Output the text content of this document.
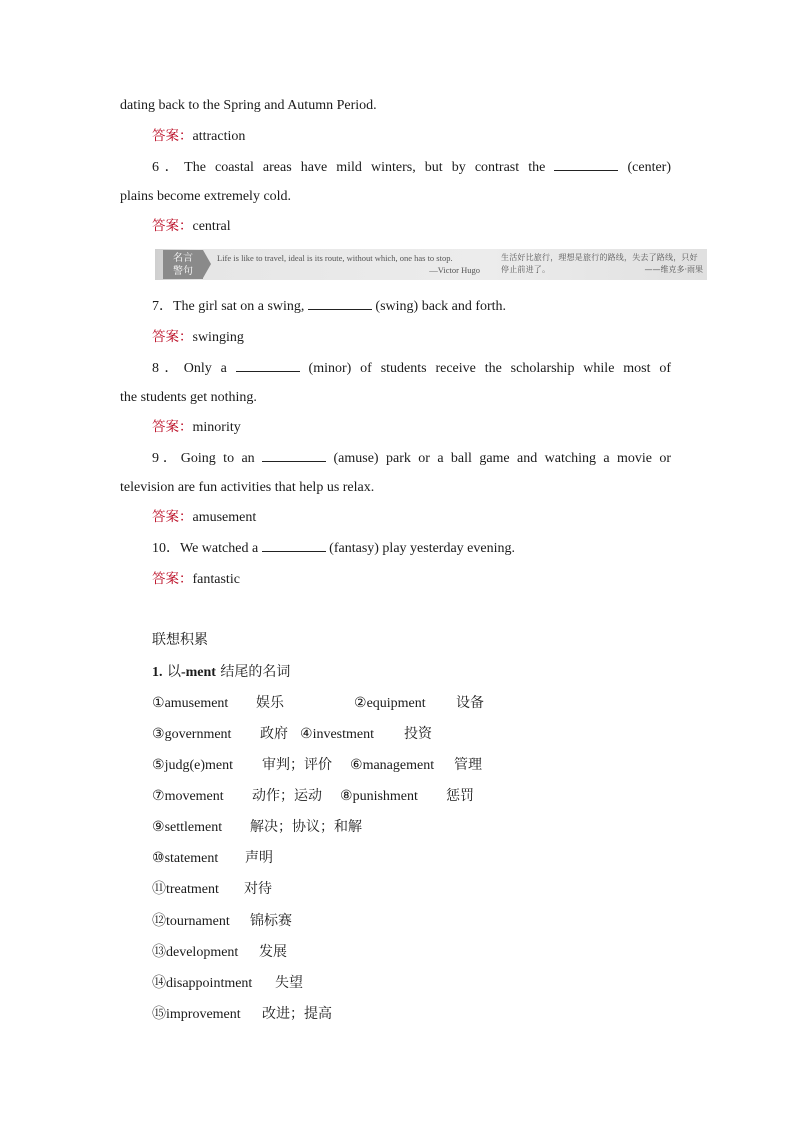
dating back to the Spring and Autumn Period.
答案：attraction
6．The coastal areas have mild winters, but by contrast the	(center)
plains become extremely cold.
答案：central
名言
警句
Life is like to travel, ideal is its route, without which, one has to stop.
—Victor Hugo
生活好比旅行，理想是旅行的路线，失去了路线，只好停止前进了。	——维克多·雨果
7．The girl sat on a swing,	(swing) back and forth.
答案：swinging
8．Only a	(minor) of students receive the scholarship while most of
the students get nothing.
答案：minority
9．Going to an	(amuse) park or a ball game and watching a movie or
television are fun activities that help us relax.
答案：amusement
10．We watched a	(fantasy) play yesterday evening.
答案：fantastic
联想积累
1. 以-ment 结尾的名词
①amusement 娱乐	②equipment 设备
③government 政府 ④investment 投资
⑤judg(e)ment 审判；评价 ⑥management 管理
⑦movement 动作；运动 ⑧punishment 惩罚
⑨settlement 解决；协议；和解
⑩statement 声明
⑪treatment 对待
⑫tournament 锦标赛
⑬development 发展
⑭disappointment 失望
⑮improvement 改进；提高
